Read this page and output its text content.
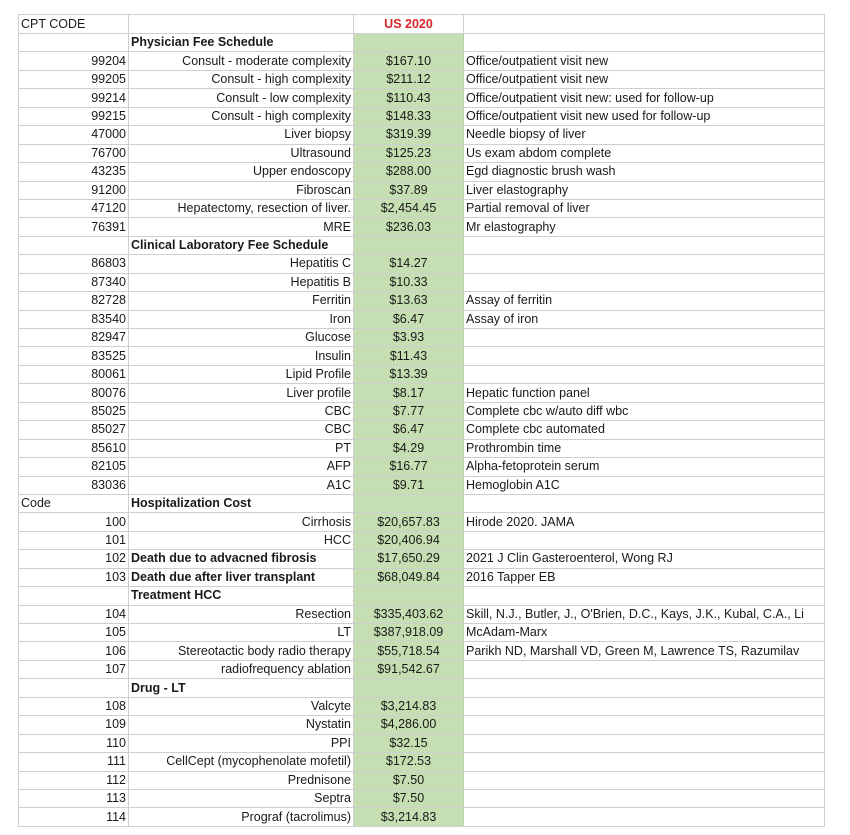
CPT CODE		US 2020	
	Physician Fee Schedule		
99204	Consult - moderate complexity	$167.10	Office/outpatient visit new
99205	Consult - high complexity	$211.12	Office/outpatient visit new
99214	Consult - low complexity	$110.43	Office/outpatient visit new: used for follow-up
99215	Consult - high complexity	$148.33	Office/outpatient visit new used for follow-up
47000	Liver biopsy	$319.39	Needle biopsy of liver
76700	Ultrasound	$125.23	Us exam abdom complete
43235	Upper endoscopy	$288.00	Egd diagnostic brush wash
91200	Fibroscan	$37.89	Liver elastography
47120	Hepatectomy, resection of liver.	$2,454.45	Partial removal of liver
76391	MRE	$236.03	Mr elastography
	Clinical Laboratory Fee Schedule		
86803	Hepatitis C	$14.27	
87340	Hepatitis B	$10.33	
82728	Ferritin	$13.63	Assay of ferritin
83540	Iron	$6.47	Assay of iron
82947	Glucose	$3.93	
83525	Insulin	$11.43	
80061	Lipid Profile	$13.39	
80076	Liver profile	$8.17	Hepatic function panel
85025	CBC	$7.77	Complete cbc w/auto diff wbc
85027	CBC	$6.47	Complete cbc automated
85610	PT	$4.29	Prothrombin time
82105	AFP	$16.77	Alpha-fetoprotein serum
83036	A1C	$9.71	Hemoglobin A1C
Code	Hospitalization Cost		
100	Cirrhosis	$20,657.83	Hirode 2020. JAMA
101	HCC	$20,406.94	
102	Death due to advacned fibrosis	$17,650.29	2021 J Clin Gasteroenterol, Wong RJ
103	Death due after liver transplant	$68,049.84	2016 Tapper EB
	Treatment HCC		
104	Resection	$335,403.62	Skill, N.J., Butler, J., O'Brien, D.C., Kays, J.K., Kubal, C.A., Li
105	LT	$387,918.09	McAdam-Marx
106	Stereotactic body radio therapy	$55,718.54	Parikh ND, Marshall VD, Green M, Lawrence TS, Razumilav
107	radiofrequency ablation	$91,542.67	
	Drug - LT		
108	Valcyte	$3,214.83	
109	Nystatin	$4,286.00	
110	PPI	$32.15	
111	CellCept (mycophenolate mofetil)	$172.53	
112	Prednisone	$7.50	
113	Septra	$7.50	
114	Prograf (tacrolimus)	$3,214.83	
